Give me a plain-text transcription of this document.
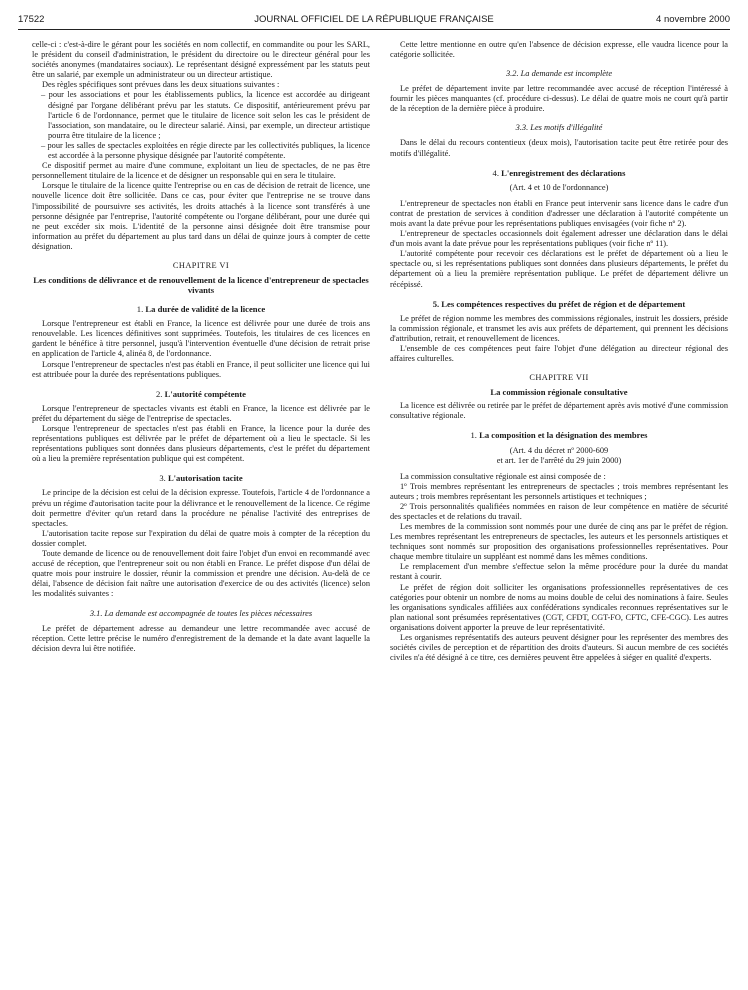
17522	JOURNAL OFFICIEL DE LA RÉPUBLIQUE FRANÇAISE	4 novembre 2000

celle-ci : c'est-à-dire le gérant pour les sociétés en nom collectif, en commandite ou pour les SARL, le président du conseil d'administration, le président du directoire ou le directeur général pour les sociétés anonymes (mandataires sociaux). Le représentant désigné expressément par les statuts peut être un salarié, par exemple un administrateur ou un directeur artistique.

Des règles spécifiques sont prévues dans les deux situations suivantes :

– pour les associations et pour les établissements publics, la licence est accordée au dirigeant désigné par l'organe délibérant prévu par les statuts. Ce dispositif, antérieurement prévu par l'article 6 de l'ordonnance, permet que le titulaire de licence soit selon les cas le président de l'association, son mandataire, ou le directeur salarié. Ainsi, par exemple, un directeur artistique pourra être titulaire de la licence ;
– pour les salles de spectacles exploitées en régie directe par les collectivités publiques, la licence est accordée à la personne physique désignée par l'autorité compétente.

Ce dispositif permet au maire d'une commune, exploitant un lieu de spectacles, de ne pas être personnellement titulaire de la licence et de désigner un responsable qui en sera le titulaire.

Lorsque le titulaire de la licence quitte l'entreprise ou en cas de décision de retrait de licence, une nouvelle licence doit être sollicitée. Dans ce cas, pour éviter que l'entreprise ne se trouve dans l'impossibilité de poursuivre ses activités, les droits attachés à la licence sont transférés à une personne désignée par l'entreprise, l'autorité compétente ou l'organe délibérant, pour une durée qui ne peut excéder six mois. L'identité de la personne ainsi désignée doit être transmise pour information au préfet du département au plus tard dans un délai de quinze jours à compter de cette désignation.

CHAPITRE VI
Les conditions de délivrance et de renouvellement de la licence d'entrepreneur de spectacles vivants
1. La durée de validité de la licence

Lorsque l'entrepreneur est établi en France, la licence est délivrée pour une durée de trois ans renouvelable. Les licences définitives sont supprimées. Toutefois, les titulaires de ces licences en gardent le bénéfice à titre personnel, jusqu'à l'intervention éventuelle d'une décision de retrait prise en application de l'article 4, alinéa 8, de l'ordonnance.

Lorsque l'entrepreneur de spectacles n'est pas établi en France, il peut solliciter une licence qui lui est attribuée pour la durée des représentations publiques.

2. L'autorité compétente

Lorsque l'entrepreneur de spectacles vivants est établi en France, la licence est délivrée par le préfet du département du siège de l'entreprise de spectacles.

Lorsque l'entrepreneur de spectacles n'est pas établi en France, la licence pour la durée des représentations publiques est délivrée par le préfet de département où a lieu le spectacle. Si les représentations publiques sont données dans plusieurs départements, c'est le préfet du département où a lieu la première représentation publique qui est compétent.

3. L'autorisation tacite

Le principe de la décision est celui de la décision expresse. Toutefois, l'article 4 de l'ordonnance a prévu un régime d'autorisation tacite pour la délivrance et le renouvellement de la licence. Ce régime doit permettre d'éviter qu'un retard dans la procédure ne pénalise l'activité des entreprises de spectacles.

L'autorisation tacite repose sur l'expiration du délai de quatre mois à compter de la réception du dossier complet.

Toute demande de licence ou de renouvellement doit faire l'objet d'un envoi en recommandé avec accusé de réception, que l'entrepreneur soit ou non établi en France. Le préfet dispose d'un délai de quatre mois pour instruire le dossier, réunir la commission et prendre une décision. Au-delà de ce délai, l'absence de décision fait naître une autorisation d'exercice de ou des activités (licence) selon les modalités suivantes :

3.1. La demande est accompagnée de toutes les pièces nécessaires

Le préfet de département adresse au demandeur une lettre recommandée avec accusé de réception. Cette lettre précise le numéro d'enregistrement de la demande et la date avant laquelle la décision devra lui être notifiée.

Cette lettre mentionne en outre qu'en l'absence de décision expresse, elle vaudra licence pour la catégorie sollicitée.

3.2. La demande est incomplète

Le préfet de département invite par lettre recommandée avec accusé de réception l'intéressé à fournir les pièces manquantes (cf. procédure ci-dessus). Le délai de quatre mois ne court qu'à partir de la réception de la dernière pièce à produire.

3.3. Les motifs d'illégalité

Dans le délai du recours contentieux (deux mois), l'autorisation tacite peut être retirée pour des motifs d'illégalité.

4. L'enregistrement des déclarations
(Art. 4 et 10 de l'ordonnance)

L'entrepreneur de spectacles non établi en France peut intervenir sans licence dans le cadre d'un contrat de prestation de services à condition d'adresser une déclaration à l'autorité compétente un mois avant la date prévue pour les représentations publiques envisagées (voir fiche nº 2).

L'entrepreneur de spectacles occasionnels doit également adresser une déclaration dans le délai d'un mois avant la date prévue pour les représentations publiques (voir fiche nº 11).

L'autorité compétente pour recevoir ces déclarations est le préfet de département où a lieu le spectacle ou, si les représentations publiques sont données dans plusieurs départements, le préfet du département où a lieu la première représentation publique. Le préfet de département délivre un récépissé.

5. Les compétences respectives du préfet de région et de département

Le préfet de région nomme les membres des commissions régionales, instruit les dossiers, préside la commission régionale, et transmet les avis aux préfets de département, qui prennent les décisions d'attribution, retrait, et renouvellement de licences.

L'ensemble de ces compétences peut faire l'objet d'une délégation au directeur régional des affaires culturelles.

CHAPITRE VII
La commission régionale consultative

La licence est délivrée ou retirée par le préfet de département après avis motivé d'une commission consultative régionale.

1. La composition et la désignation des membres
(Art. 4 du décret nº 2000-609
et art. 1er de l'arrêté du 29 juin 2000)

La commission consultative régionale est ainsi composée de :

1º Trois membres représentant les entrepreneurs de spectacles ; trois membres représentant les auteurs ; trois membres représentant les personnels artistiques et techniques ;

2º Trois personnalités qualifiées nommées en raison de leur compétence en matière de sécurité des spectacles et de relations du travail.

Les membres de la commission sont nommés pour une durée de cinq ans par le préfet de région. Les membres représentant les entrepreneurs de spectacles, les auteurs et les personnels artistiques et techniques sont nommés sur proposition des organisations professionnelles représentatives. Pour chaque membre titulaire un suppléant est nommé dans les mêmes conditions.

Le remplacement d'un membre s'effectue selon la même procédure pour la durée du mandat restant à courir.

Le préfet de région doit solliciter les organisations professionnelles représentatives de ces catégories pour obtenir un nombre de noms au moins double de celui des nominations à faire. Seules les organisations syndicales affiliées aux confédérations syndicales reconnues représentatives sur le plan national sont présumées représentatives (CGT, CFDT, CGT-FO, CFTC, CFE-CGC). Les autres organisations doivent apporter la preuve de leur représentativité.

Les organismes représentatifs des auteurs peuvent désigner pour les représenter des membres des sociétés civiles de perception et de répartition des droits d'auteurs. Si aucun membre de ces sociétés civiles n'a été désigné à ce titre, ces dernières peuvent être appelées à siéger en qualité d'experts.
